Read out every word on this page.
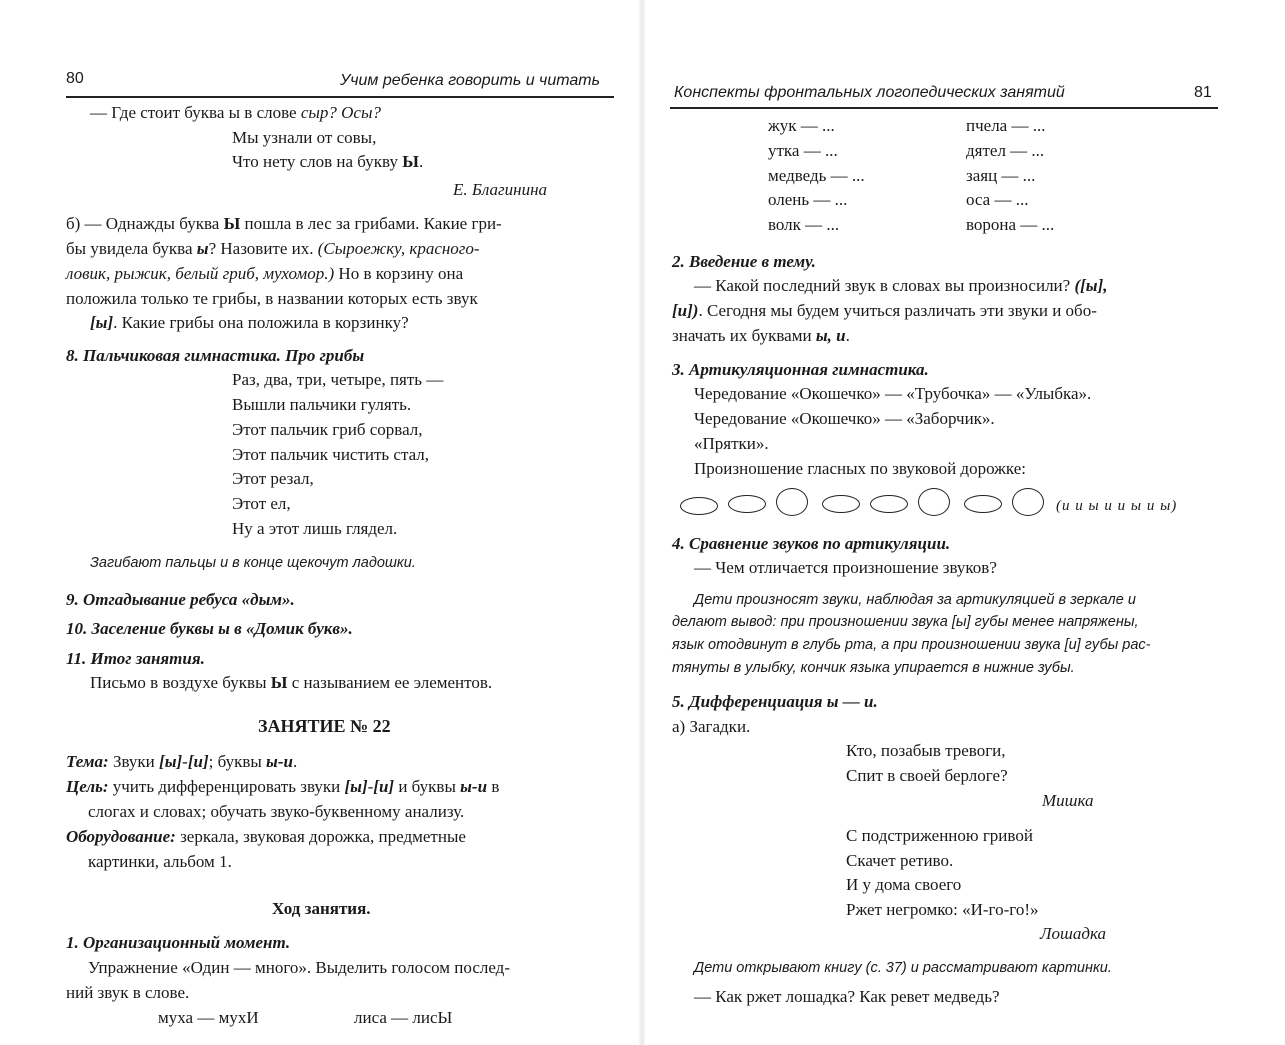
80	Учим ребенка говорить и читать
— Где стоит буква ы в слове сыр? Осы?
Мы узнали от совы,
Что нету слов на букву Ы.
Е. Благинина
б) — Однажды буква Ы пошла в лес за грибами. Какие гри-
бы увидела буква ы? Назовите их. (Сыроежку, красного-
ловик, рыжик, белый гриб, мухомор.) Но в корзину она
положила только те грибы, в названии которых есть звук
[ы]. Какие грибы она положила в корзинку?
8. Пальчиковая гимнастика. Про грибы
Раз, два, три, четыре, пять —
Вышли пальчики гулять.
Этот пальчик гриб сорвал,
Этот пальчик чистить стал,
Этот резал,
Этот ел,
Ну а этот лишь глядел.
Загибают пальцы и в конце щекочут ладошки.
9. Отгадывание ребуса «дым».
10. Заселение буквы ы в «Домик букв».
11. Итог занятия.
Письмо в воздухе буквы Ы с называнием ее элементов.
ЗАНЯТИЕ № 22
Тема: Звуки [ы]-[и]; буквы ы-и.
Цель: учить дифференцировать звуки [ы]-[и] и буквы ы-и в
слогах и словах; обучать звуко-буквенному анализу.
Оборудование: зеркала, звуковая дорожка, предметные
картинки, альбом 1.
Ход занятия.
1. Организационный момент.
Упражнение «Один — много». Выделить голосом послед-
ний звук в слове.
муха — мухИ	лиса — лисЫ
Конспекты фронтальных логопедических занятий	81
жук — ...	пчела — ...
утка — ...	дятел — ...
медведь — ...	заяц — ...
олень — ...	оса — ...
волк — ...	ворона — ...
2. Введение в тему.
— Какой последний звук в словах вы произносили? ([ы],
[и]). Сегодня мы будем учиться различать эти звуки и обо-
значать их буквами ы, и.
3. Артикуляционная гимнастика.
Чередование «Окошечко» — «Трубочка» — «Улыбка».
Чередование «Окошечко» — «Заборчик».
«Прятки».
Произношение гласных по звуковой дорожке:
(и и ы и и ы и ы)
4. Сравнение звуков по артикуляции.
— Чем отличается произношение звуков?
Дети произносят звуки, наблюдая за артикуляцией в зеркале и
делают вывод: при произношении звука [ы] губы менее напряжены,
язык отодвинут в глубь рта, а при произношении звука [и] губы рас-
тянуты в улыбку, кончик языка упирается в нижние зубы.
5. Дифференциация ы — и.
а) Загадки.
Кто, позабыв тревоги,
Спит в своей берлоге?
Мишка
С подстриженною гривой
Скачет ретиво.
И у дома своего
Ржет негромко: «И-го-го!»
Лошадка
Дети открывают книгу (с. 37) и рассматривают картинки.
— Как ржет лошадка? Как ревет медведь?
